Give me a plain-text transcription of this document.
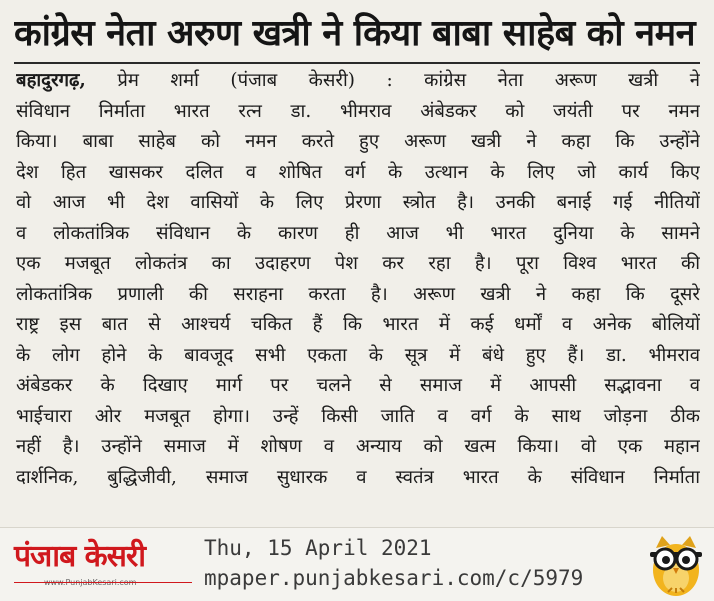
कांग्रेस नेता अरुण खत्री ने किया बाबा साहेब को नमन
बहादुरगढ़, प्रेम शर्मा (पंजाब केसरी) : कांग्रेस नेता अरूण खत्री ने
संविधान निर्माता भारत रत्न डा. भीमराव अंबेडकर को जयंती पर नमन
किया। बाबा साहेब को नमन करते हुए अरूण खत्री ने कहा कि उन्होंने
देश हित खासकर दलित व शोषित वर्ग के उत्थान के लिए जो कार्य किए
वो आज भी देश वासियों के लिए प्रेरणा स्त्रोत है। उनकी बनाई गई नीतियों
व लोकतांत्रिक संविधान के कारण ही आज भी भारत दुनिया के सामने
एक मजबूत लोकतंत्र का उदाहरण पेश कर रहा है। पूरा विश्व भारत की
लोकतांत्रिक प्रणाली की सराहना करता है। अरूण खत्री ने कहा कि दूसरे
राष्ट्र इस बात से आश्चर्य चकित हैं कि भारत में कई धर्मों व अनेक बोलियों
के लोग होने के बावजूद सभी एकता के सूत्र में बंधे हुए हैं। डा. भीमराव
अंबेडकर के दिखाए मार्ग पर चलने से समाज में आपसी सद्भावना व
भाईचारा ओर मजबूत होगा। उन्हें किसी जाति व वर्ग के साथ जोड़ना ठीक
नहीं है। उन्होंने समाज में शोषण व अन्याय को खत्म किया। वो एक महान
दार्शनिक, बुद्धिजीवी, समाज सुधारक व स्वतंत्र भारत के संविधान निर्माता
पंजाब केसरी	Thu, 15 April 2021
mpaper.punjabkesari.com/c/5979
